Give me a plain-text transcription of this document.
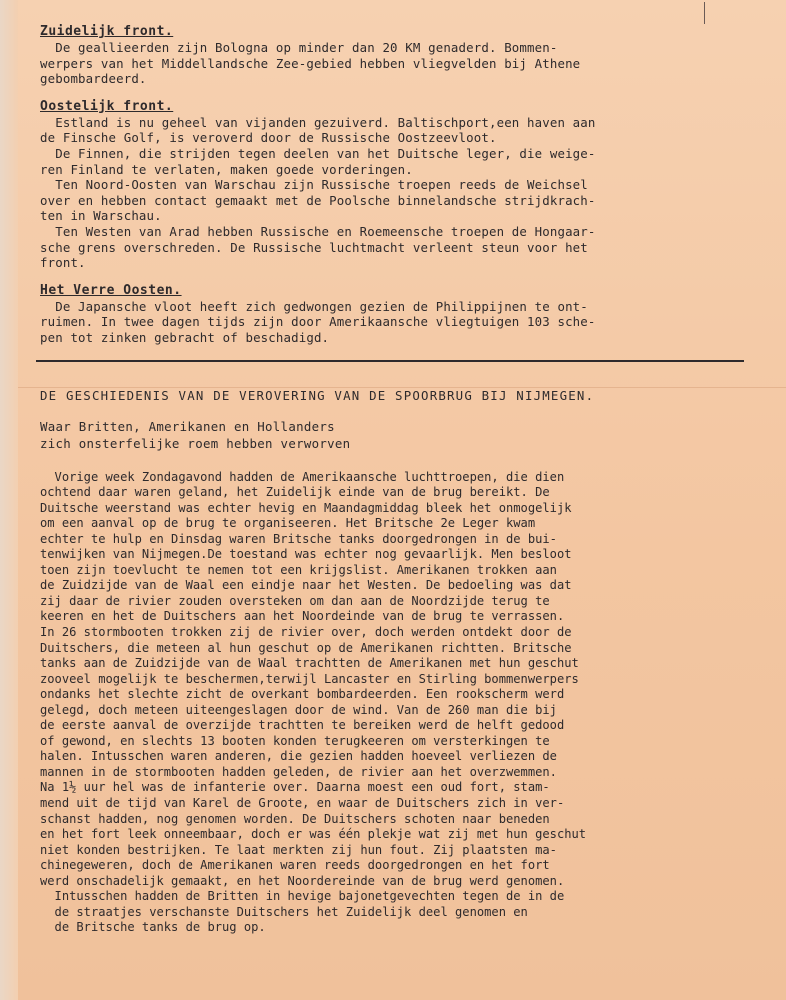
Zuidelijk front.
De geallieerden zijn Bologna op minder dan 20 KM genaderd. Bommen-
werpers van het Middellandsche Zee-gebied hebben vliegvelden bij Athene
gebombardeerd.
Oostelijk front.
Estland is nu geheel van vijanden gezuiverd. Baltischport,een haven aan
de Finsche Golf, is veroverd door de Russische Oostzeevloot.
De Finnen, die strijden tegen deelen van het Duitsche leger, die weige-
ren Finland te verlaten, maken goede vorderingen.
Ten Noord-Oosten van Warschau zijn Russische troepen reeds de Weichsel
over en hebben contact gemaakt met de Poolsche binnelandsche strijdkrach-
ten in Warschau.
Ten Westen van Arad hebben Russische en Roemeensche troepen de Hongaar-
sche grens overschreden. De Russische luchtmacht verleent steun voor het
front.
Het Verre Oosten.
De Japansche vloot heeft zich gedwongen gezien de Philippijnen te ont-
ruimen. In twee dagen tijds zijn door Amerikaansche vliegtuigen 103 sche-
pen tot zinken gebracht of beschadigd.
DE GESCHIEDENIS VAN DE VEROVERING VAN DE SPOORBRUG BIJ NIJMEGEN.
Waar Britten, Amerikanen en Hollanders
zich onsterfelijke roem hebben verworven
Vorige week Zondagavond hadden de Amerikaansche luchttroepen, die dien
ochtend daar waren geland, het Zuidelijk einde van de brug bereikt. De
Duitsche weerstand was echter hevig en Maandagmiddag bleek het onmogelijk
om een aanval op de brug te organiseeren. Het Britsche 2e Leger kwam
echter te hulp en Dinsdag waren Britsche tanks doorgedrongen in de bui-
tenwijken van Nijmegen.De toestand was echter nog gevaarlijk. Men besloot
toen zijn toevlucht te nemen tot een krijgslist. Amerikanen trokken aan
de Zuidzijde van de Waal een eindje naar het Westen. De bedoeling was dat
zij daar de rivier zouden oversteken om dan aan de Noordzijde terug te
keeren en het de Duitschers aan het Noordeinde van de brug te verrassen.
In 26 stormbooten trokken zij de rivier over, doch werden ontdekt door de
Duitschers, die meteen al hun geschut op de Amerikanen richtten. Britsche
tanks aan de Zuidzijde van de Waal trachtten de Amerikanen met hun geschut
zooveel mogelijk te beschermen,terwijl Lancaster en Stirling bommenwerpers
ondanks het slechte zicht de overkant bombardeerden. Een rookscherm werd
gelegd, doch meteen uiteengeslagen door de wind. Van de 260 man die bij
de eerste aanval de overzijde trachtten te bereiken werd de helft gedood
of gewond, en slechts 13 booten konden terugkeeren om versterkingen te
halen. Intusschen waren anderen, die gezien hadden hoeveel verliezen de
mannen in de stormbooten hadden geleden, de rivier aan het overzwemmen.
Na 1½ uur hel was de infanterie over. Daarna moest een oud fort, stam-
mend uit de tijd van Karel de Groote, en waar de Duitschers zich in ver-
schanst hadden, nog genomen worden. De Duitschers schoten naar beneden
en het fort leek onneembaar, doch er was één plekje wat zij met hun geschut
niet konden bestrijken. Te laat merkten zij hun fout. Zij plaatsten ma-
chinegeweren, doch de Amerikanen waren reeds doorgedrongen en het fort
werd onschadelijk gemaakt, en het Noordereinde van de brug werd genomen.
Intusschen hadden de Britten in hevige bajonetgevechten tegen de in de
de straatjes verschanste Duitschers het Zuidelijk deel genomen en
de Britsche tanks de brug op.
